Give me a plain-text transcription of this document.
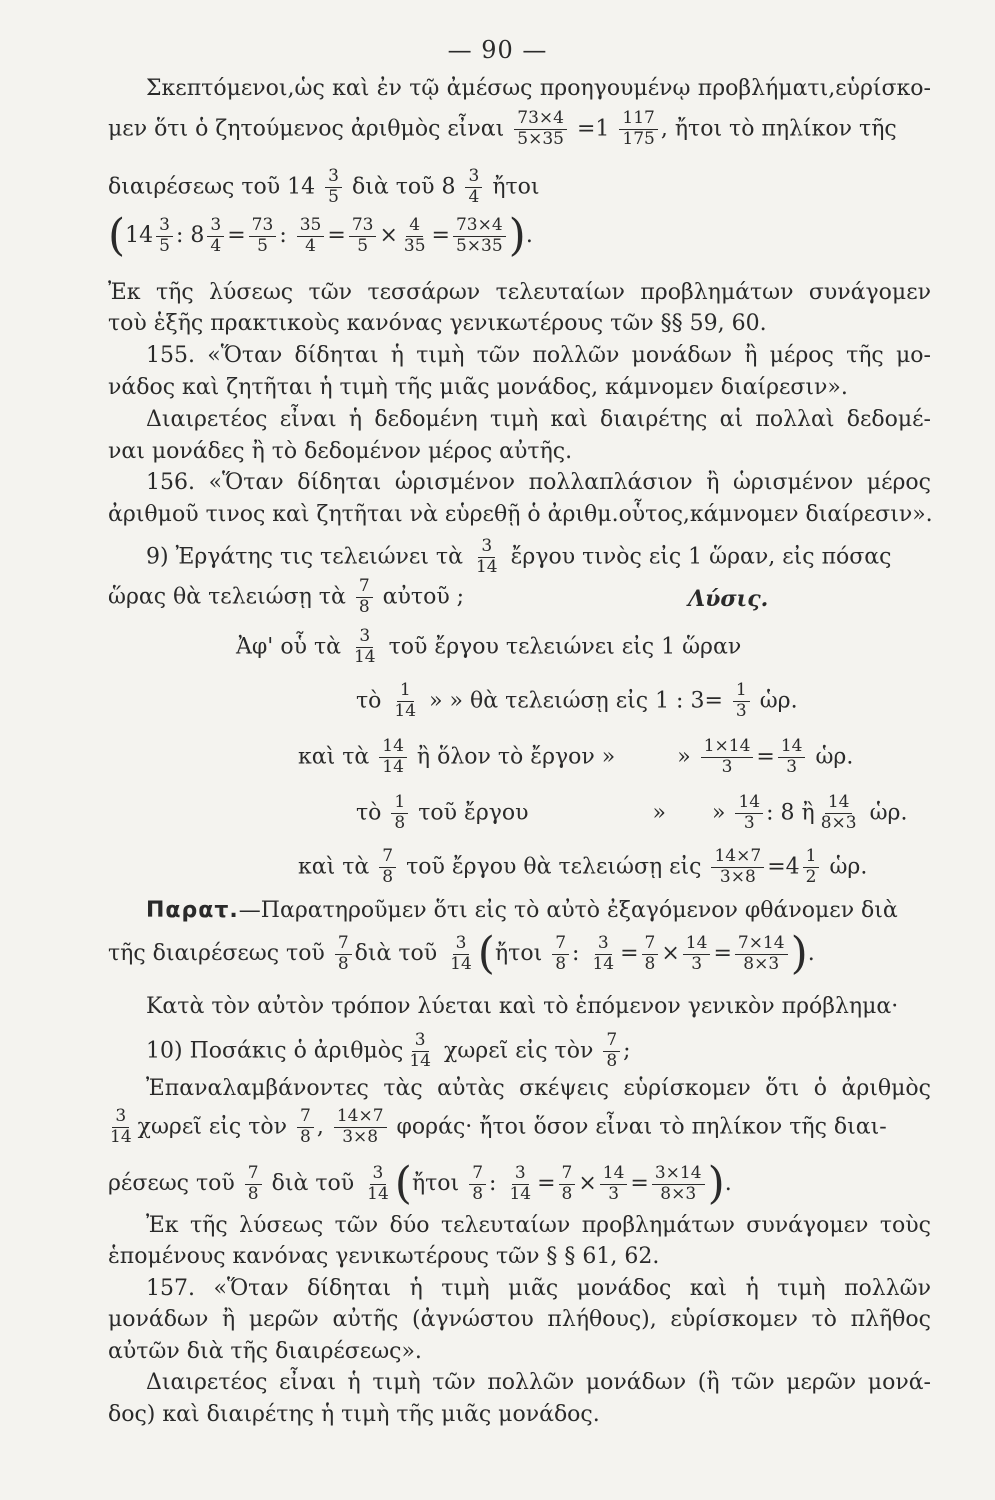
— 90 —
Σκεπτόμενοι,ὡς καὶ ἐν τῷ ἀμέσως προηγουμένῳ προβλήματι,εὑρίσκο-
μεν ὅτι ὁ ζητούμενος ἀριθμὸς εἶναι $\frac{73\times 4}{5\times 35} =1 \frac{117}{175}$ , ἤτοι τὸ πηλίκον τῆς
διαιρέσεως τοῦ $14 \frac{3}{5}$ διὰ τοῦ $8 \frac{3}{4}$ ἤτοι
($14 \frac{3}{5}$ : $8 \frac{3}{4} = \frac{73}{5}$ : $\frac{35}{4} = \frac{73}{5} \times \frac{4}{35} = \frac{73\times 4}{5\times 35}$ ).
Ἐκ τῆς λύσεως τῶν τεσσάρων τελευταίων προβλημάτων συνάγομεν
τοὺ ἑξῆς πρακτικοὺς κανόνας γενικωτέρους τῶν §§ 59, 60.
155. «Ὅταν δίδηται ἡ τιμὴ τῶν πολλῶν μονάδων ἢ μέρος τῆς μο-
νάδος καὶ ζητῆται ἡ τιμὴ τῆς μιᾶς μονάδος, κάμνομεν διαίρεσιν».
Διαιρετέος εἶναι ἡ δεδομένη τιμὴ καὶ διαιρέτης αἱ πολλαὶ δεδομέ-
ναι μονάδες ἢ τὸ δεδομένον μέρος αὐτῆς.
156. «Ὅταν δίδηται ὡρισμένον πολλαπλάσιον ἢ ὡρισμένον μέρος
ἀριθμοῦ τινος καὶ ζητῆται νὰ εὑρεθῇ ὁ ἀριθμ.οὗτος,κάμνομεν διαίρεσιν».
9) Ἐργάτης τις τελειώνει τὰ $\frac{3}{14}$ ἔργου τινὸς εἰς 1 ὥραν, εἰς πόσας
ὥρας θὰ τελειώσῃ τὰ $\frac{7}{8}$ αὐτοῦ ;	Λύσις.
Ἀφ' οὗ τὰ $\frac{3}{14}$ τοῦ ἔργου τελειώνει εἰς 1 ὥραν
τὸ $\frac{1}{14}$ » » θὰ τελειώσῃ εἰς 1 : $3= \frac{1}{3}$ ὡρ.
καὶ τὰ $\frac{14}{14}$ ἢ ὅλον τὸ ἔργον »	» $\frac{1\times 14}{3} = \frac{14}{3}$ ὡρ.
τὸ $\frac{1}{8}$ τοῦ ἔργου	» » $\frac{14}{3}$ : 8 ἢ $\frac{14}{8\times 3}$ ὡρ.
καὶ τὰ $\frac{7}{8}$ τοῦ ἔργου θὰ τελειώσῃ εἰς $\frac{14\times 7}{3\times 8} =4 \frac{1}{2}$ ὡρ.
Παρατ.—Παρατηροῦμεν ὅτι εἰς τὸ αὐτὸ ἐξαγόμενον φθάνομεν διὰ
τῆς διαιρέσεως τοῦ $\frac{7}{8}$ διὰ τοῦ $\frac{3}{14}$ (ἤτοι $\frac{7}{8}$ : $\frac{3}{14} = \frac{7}{8} \times \frac{14}{3} = \frac{7\times 14}{8\times 3}$ ).
Κατὰ τὸν αὐτὸν τρόπον λύεται καὶ τὸ ἑπόμενον γενικὸν πρόβλημα·
10) Ποσάκις ὁ ἀριθμὸς $\frac{3}{14}$ χωρεῖ εἰς τὸν $\frac{7}{8}$ ;
Ἐπαναλαμβάνοντες τὰς αὐτὰς σκέψεις εὑρίσκομεν ὅτι ὁ ἀριθμὸς
$\frac{3}{14}$ χωρεῖ εἰς τὸν $\frac{7}{8}$ , $\frac{14\times 7}{3\times 8} \varphi o\rho ά\varsigma\cdot$ ἤτοι ὅσον εἶναι τὸ πηλίκον τῆς διαι-
ρέσεως τοῦ $\frac{7}{8}$ διὰ τοῦ $\frac{3}{14}$ (ἤτοι $\frac{7}{8}$ : $\frac{3}{14} = \frac{7}{8} \times \frac{14}{3} = \frac{3\times 14}{8\times 3}$ ).
Ἐκ τῆς λύσεως τῶν δύο τελευταίων προβλημάτων συνάγομεν τοὺς
ἑπομένους κανόνας γενικωτέρους τῶν § § 61, 62.
157. «Ὅταν δίδηται ἡ τιμὴ μιᾶς μονάδος καὶ ἡ τιμὴ πολλῶν
μονάδων ἢ μερῶν αὐτῆς (ἀγνώστου πλήθους), εὑρίσκομεν τὸ πλῆθος
αὐτῶν διὰ τῆς διαιρέσεως».
Διαιρετέος εἶναι ἡ τιμὴ τῶν πολλῶν μονάδων (ἢ τῶν μερῶν μονά-
δος) καὶ διαιρέτης ἡ τιμὴ τῆς μιᾶς μονάδος.
